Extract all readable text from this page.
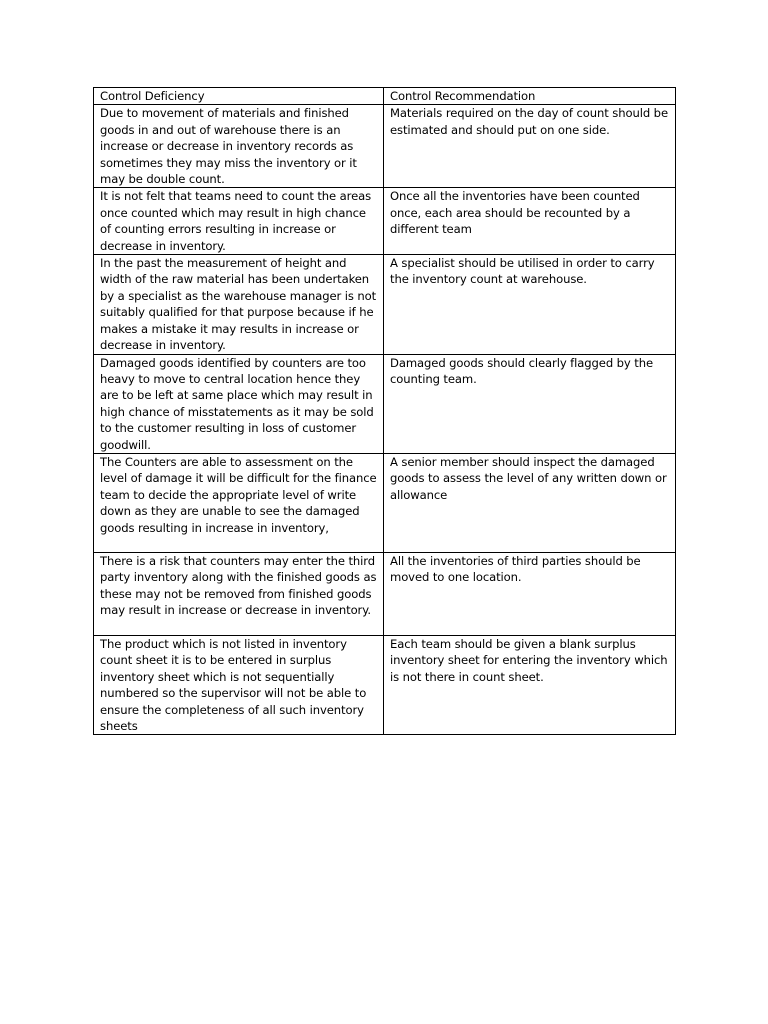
Control Deficiency	Control Recommendation
Due to movement of materials and finished goods in and out of warehouse there is an increase or decrease in inventory records as sometimes they may miss the inventory or it may be double count.	Materials required on the day of count should be estimated and should put on one side.
It is not felt that teams need to count the areas once counted which may result in high chance of counting errors resulting in increase or decrease in inventory.	Once all the inventories have been counted once, each area should be recounted by a different team
In the past the measurement of height and width of the raw material has been undertaken by a specialist as the warehouse manager is not suitably qualified for that purpose because if he makes a mistake it may results in increase or decrease in inventory.	A specialist should be utilised in order to carry the inventory count at warehouse.
Damaged goods identified by counters are too heavy to move to central location hence they are to be left at same place which may result in high chance of misstatements as it may be sold to the customer resulting in loss of customer goodwill.	Damaged goods should clearly flagged by the counting team.
The Counters are able to assessment on the level of damage it will be difficult for the finance team to decide the appropriate level of write down as they are unable to see the damaged goods resulting in increase in inventory,	A senior member should inspect the damaged goods to assess the level of any written down or allowance
There is a risk that counters may enter the third party inventory along with the finished goods as these may not be removed from finished goods may result in increase or decrease in inventory.	All the inventories of third parties should be moved to one location.
The product which is not listed in inventory count sheet it is to be entered in surplus inventory sheet which is not sequentially numbered so the supervisor will not be able to ensure the completeness of all such inventory sheets	Each team should be given a blank surplus inventory sheet for entering the inventory which is not there in count sheet.
